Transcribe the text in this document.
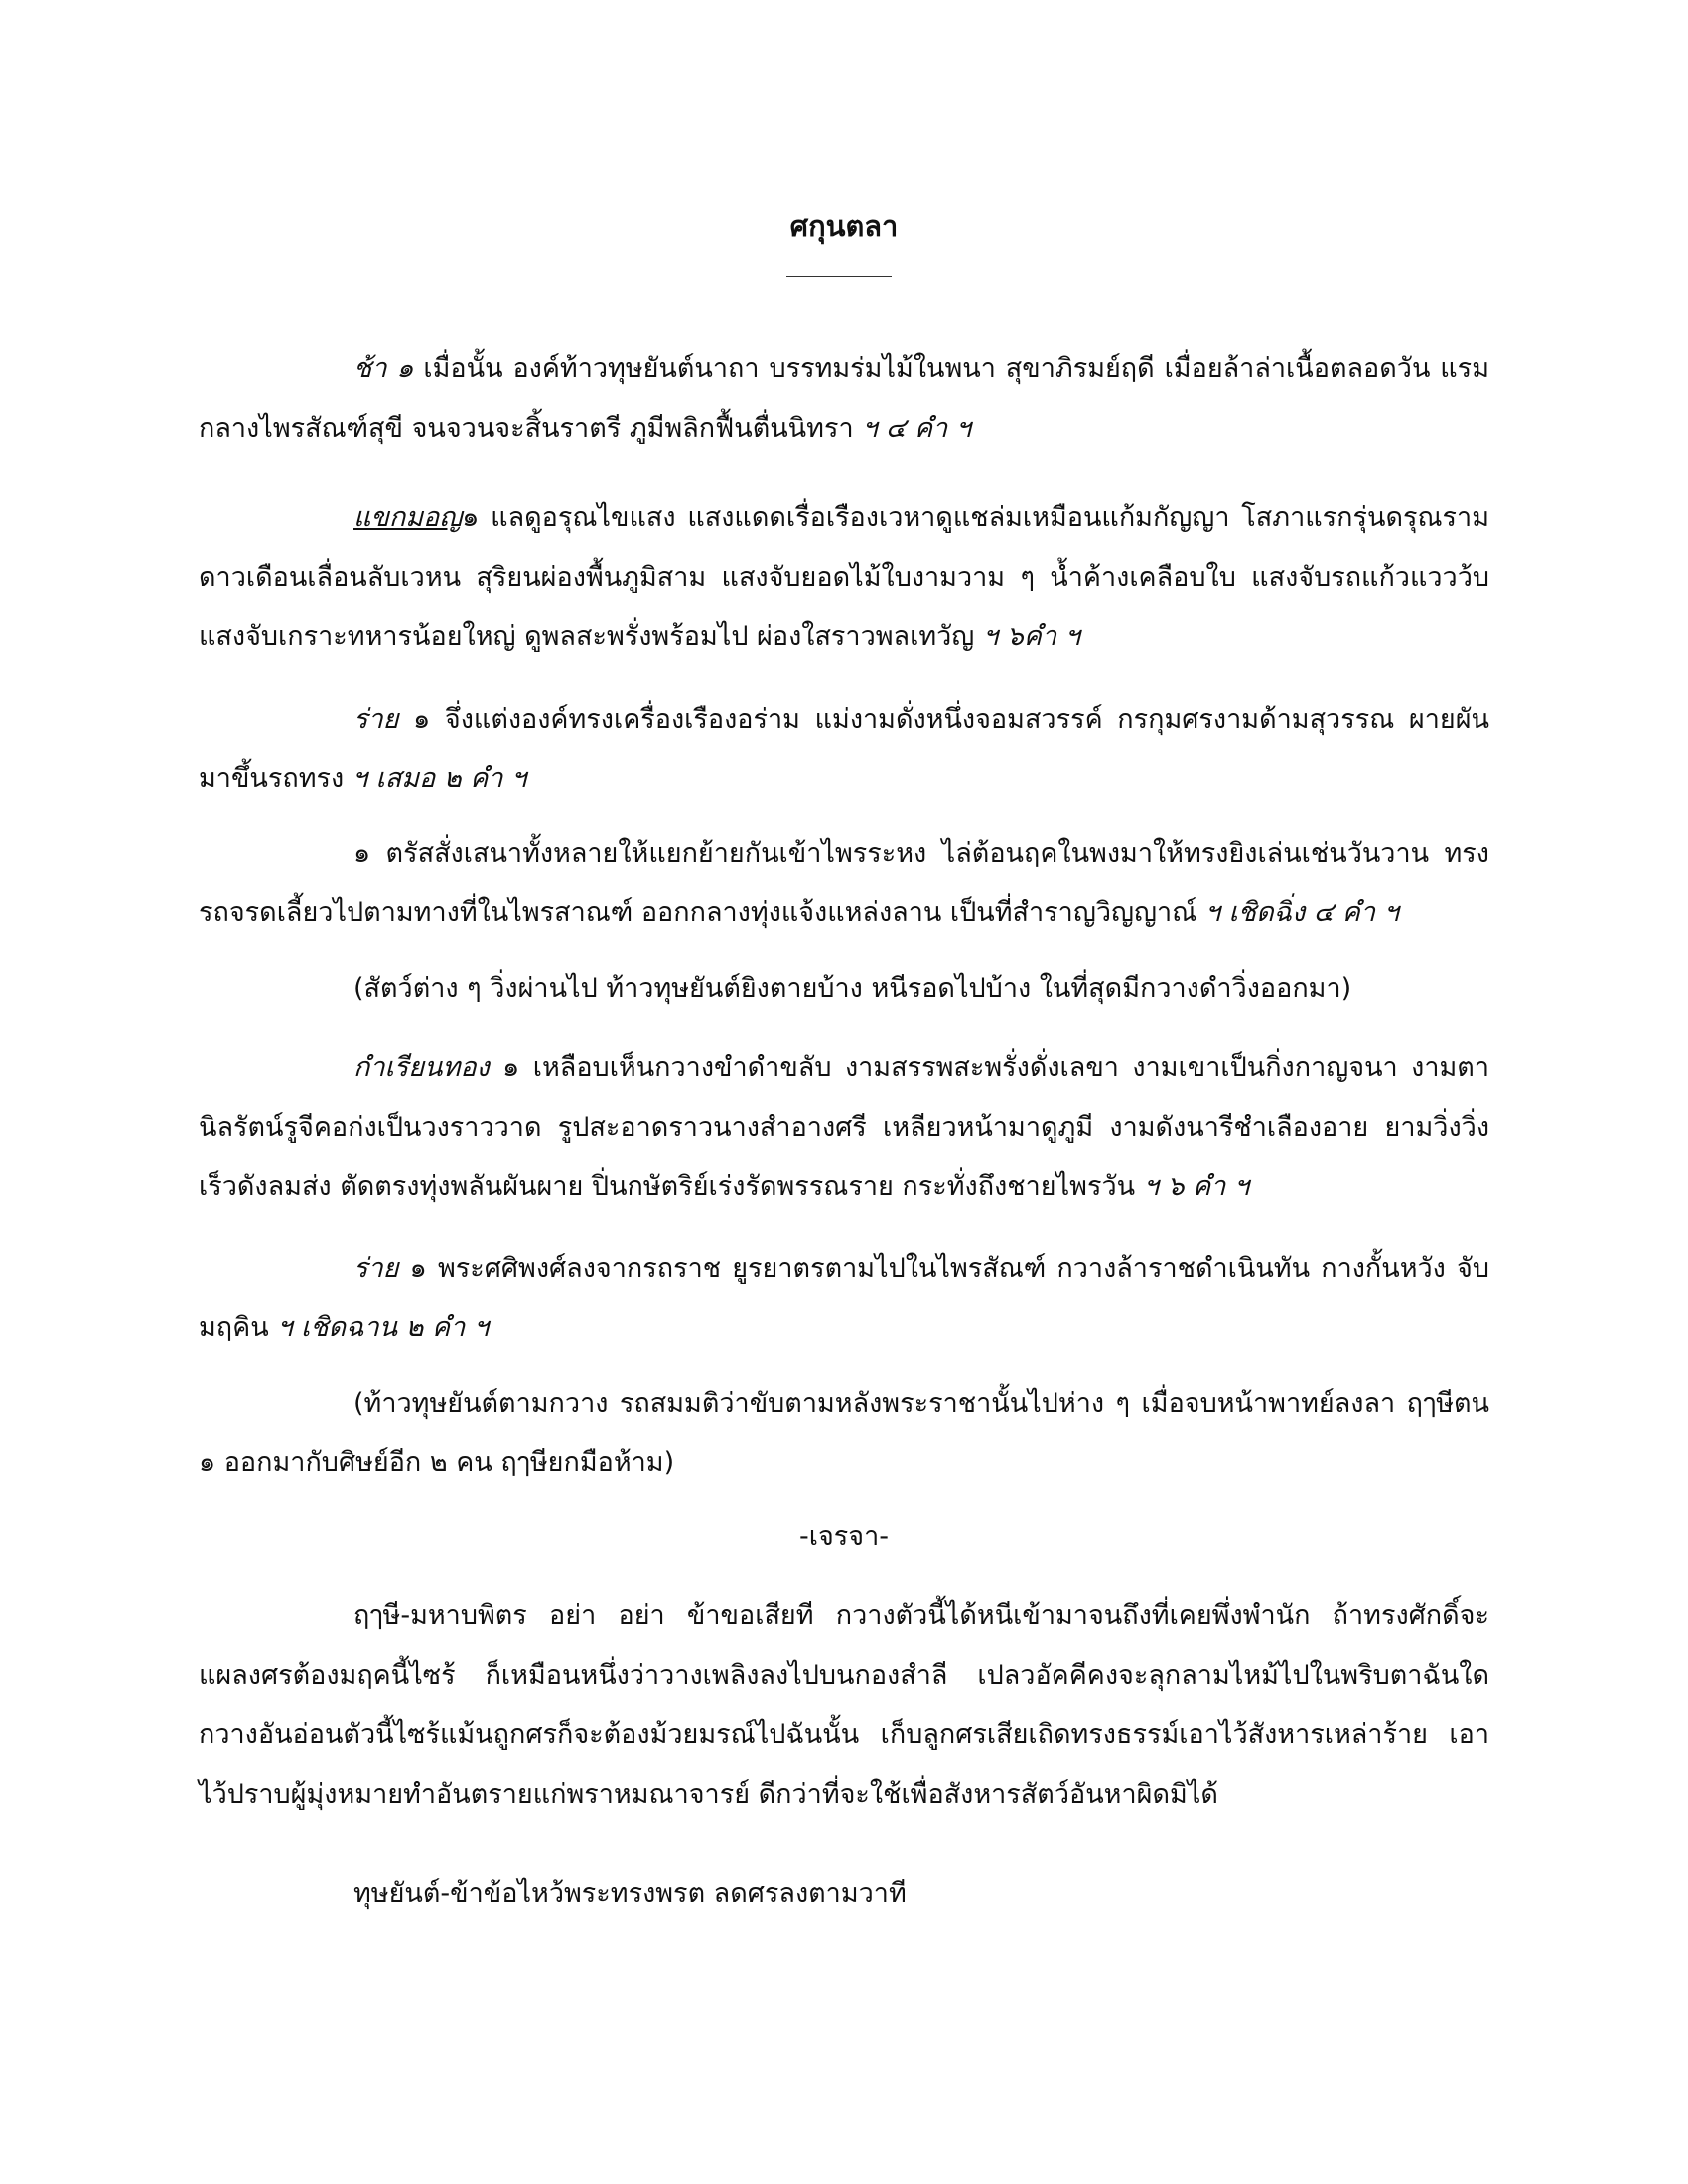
ศกุนตลา
ช้า ๑ เมื่อนั้น องค์ท้าวทุษยันต์นาถา บรรทมร่มไม้ในพนา สุขาภิรมย์ฤดี เมื่อยล้าล่าเนื้อตลอดวัน แรมกลางไพรสัณฑ์สุขี จนจวนจะสิ้นราตรี ภูมีพลิกฟื้นตื่นนิทรา ฯ ๔ คำ ฯ
แขกมอญ๑ แลดูอรุณไขแสง แสงแดดเรื่อเรืองเวหาดูแชล่มเหมือนแก้มกัญญา โสภาแรกรุ่นดรุณราม ดาวเดือนเลื่อนลับเวหน สุริยนผ่องพื้นภูมิสาม แสงจับยอดไม้ใบงามวาม ๆ น้ำค้างเคลือบใบ แสงจับรถแก้วแววว้บ แสงจับเกราะทหารน้อยใหญ่ ดูพลสะพรั่งพร้อมไป ผ่องใสราวพลเทวัญ ฯ ๖คำ ฯ
ร่าย ๑ จึ่งแต่งองค์ทรงเครื่องเรืองอร่าม แม่งามดั่งหนึ่งจอมสวรรค์ กรกุมศรงามด้ามสุวรรณ ผายผัน มาขึ้นรถทรง ฯ เสมอ ๒ คำ ฯ
๑ ตรัสสั่งเสนาทั้งหลายให้แยกย้ายกันเข้าไพรระหง ไล่ต้อนฤคในพงมาให้ทรงยิงเล่นเช่นวันวาน ทรง รถจรดเลี้ยวไปตามทางที่ในไพรสาณฑ์ ออกกลางทุ่งแจ้งแหล่งลาน เป็นที่สำราญวิญญาณ์ ฯ เชิดฉิ่ง ๔ คำ ฯ
(สัตว์ต่าง ๆ วิ่งผ่านไป ท้าวทุษยันต์ยิงตายบ้าง หนีรอดไปบ้าง ในที่สุดมีกวางดำวิ่งออกมา)
กำเรียนทอง ๑ เหลือบเห็นกวางขำดำขลับ งามสรรพสะพรั่งดั่งเลขา งามเขาเป็นกิ่งกาญจนา งามตา นิลรัตน์รูจีคอก่งเป็นวงราววาด รูปสะอาดราวนางสำอางศรี เหลียวหน้ามาดูภูมี งามดังนารีชำเลืองอาย ยามวิ่งวิ่ง เร็วดังลมส่ง ตัดตรงทุ่งพลันผันผาย ปิ่นกษัตริย์เร่งรัดพรรณราย กระทั่งถึงชายไพรวัน ฯ ๖ คำ ฯ
ร่าย ๑ พระศศิพงศ์ลงจากรถราช ยูรยาตรตามไปในไพรสัณฑ์ กวางล้าราชดำเนินทัน กางกั้นหวัง จับมฤคิน ฯ เชิดฉาน ๒ คำ ฯ
(ท้าวทุษยันต์ตามกวาง รถสมมติว่าขับตามหลังพระราชานั้นไปห่าง ๆ เมื่อจบหน้าพาทย์ลงลา ฤๅษีตน ๑ ออกมากับศิษย์อีก ๒ คน ฤๅษียกมือห้าม)
-เจรจา-
ฤๅษี-มหาบพิตร อย่า อย่า ข้าขอเสียที กวางตัวนี้ได้หนีเข้ามาจนถึงที่เคยพึ่งพำนัก ถ้าทรงศักดิ์จะ แผลงศรต้องมฤคนี้ไซร้ ก็เหมือนหนึ่งว่าวางเพลิงลงไปบนกองสำลี เปลวอัคคีคงจะลุกลามไหม้ไปในพริบตาฉันใด กวางอันอ่อนตัวนี้ไซร้แม้นถูกศรก็จะต้องม้วยมรณ์ไปฉันนั้น เก็บลูกศรเสียเถิดทรงธรรม์เอาไว้สังหารเหล่าร้าย เอาไว้ปราบผู้มุ่งหมายทำอันตรายแก่พราหมณาจารย์ ดีกว่าที่จะใช้เพื่อสังหารสัตว์อันหาผิดมิได้
ทุษยันต์-ข้าข้อไหว้พระทรงพรต ลดศรลงตามวาที
